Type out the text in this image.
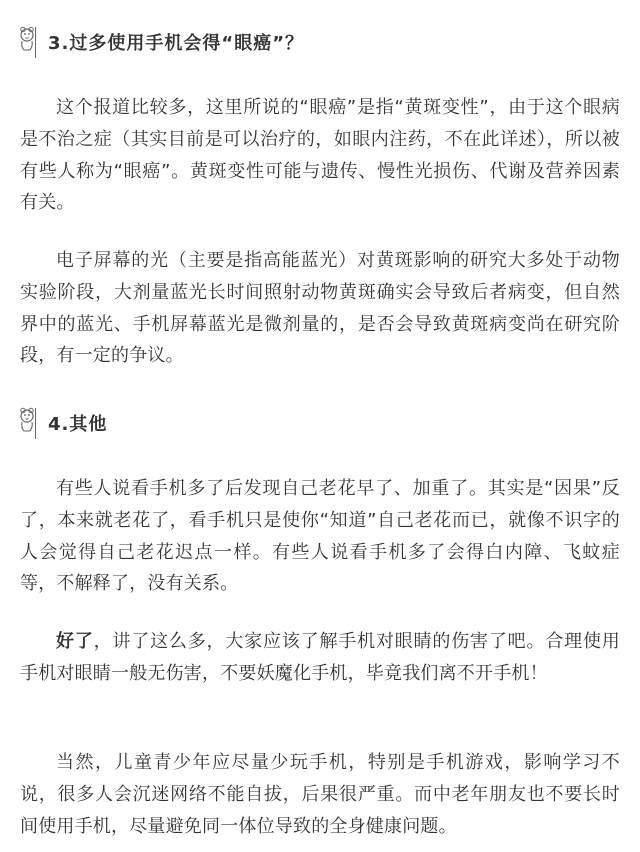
3.过多使用手机会得“眼癌”？

这个报道比较多，这里所说的“眼癌”是指“黄斑变性”，由于这个眼病是不治之症（其实目前是可以治疗的，如眼内注药，不在此详述），所以被有些人称为“眼癌”。黄斑变性可能与遗传、慢性光损伤、代谢及营养因素有关。

电子屏幕的光（主要是指高能蓝光）对黄斑影响的研究大多处于动物实验阶段，大剂量蓝光长时间照射动物黄斑确实会导致后者病变，但自然界中的蓝光、手机屏幕蓝光是微剂量的，是否会导致黄斑病变尚在研究阶段，有一定的争议。

4.其他

有些人说看手机多了后发现自己老花早了、加重了。其实是“因果”反了，本来就老花了，看手机只是使你“知道”自己老花而已，就像不识字的人会觉得自己老花迟点一样。有些人说看手机多了会得白内障、飞蚊症等，不解释了，没有关系。

好了，讲了这么多，大家应该了解手机对眼睛的伤害了吧。合理使用手机对眼睛一般无伤害，不要妖魔化手机，毕竟我们离不开手机！

当然，儿童青少年应尽量少玩手机，特别是手机游戏，影响学习不说，很多人会沉迷网络不能自拔，后果很严重。而中老年朋友也不要长时间使用手机，尽量避免同一体位导致的全身健康问题。
